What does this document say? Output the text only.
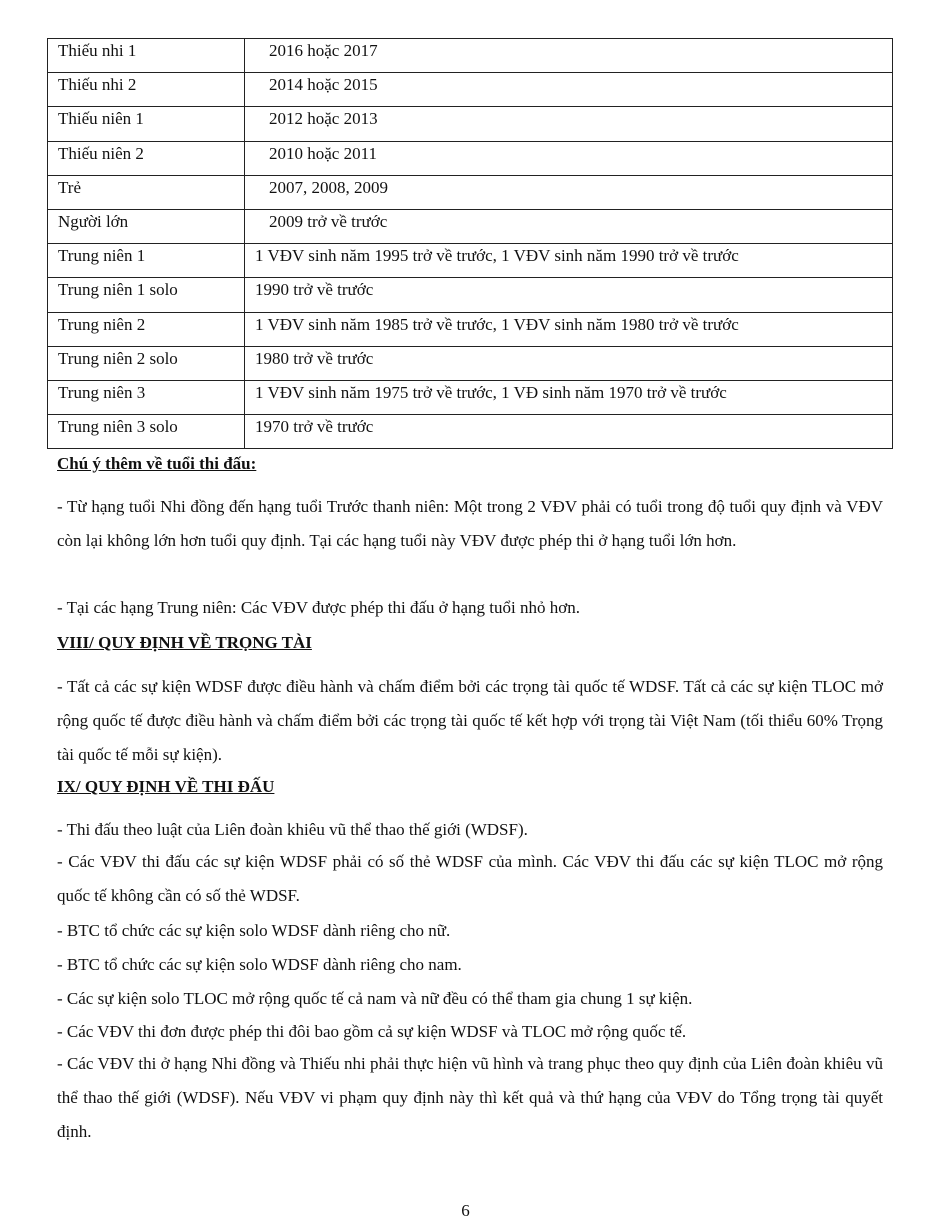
Thiếu nhi 1	2016 hoặc 2017
Thiếu nhi 2	2014 hoặc 2015
Thiếu niên 1	2012 hoặc 2013
Thiếu niên 2	2010 hoặc 2011
Trẻ	2007, 2008, 2009
Người lớn	2009 trở về trước
Trung niên 1	1 VĐV sinh năm 1995 trở về trước, 1 VĐV sinh năm 1990 trở về trước
Trung niên 1 solo	1990 trở về trước
Trung niên 2	1 VĐV sinh năm 1985 trở về trước, 1 VĐV sinh năm 1980 trở về trước
Trung niên 2 solo	1980 trở về trước
Trung niên 3	1 VĐV sinh năm 1975 trở về trước, 1 VĐ sinh năm 1970 trở về trước
Trung niên 3 solo	1970 trở về trước
Chú ý thêm về tuổi thi đấu:
- Từ hạng tuổi Nhi đồng đến hạng tuổi Trước thanh niên: Một trong 2 VĐV phải có tuổi trong độ tuổi quy định và VĐV còn lại không lớn hơn tuổi quy định. Tại các hạng tuổi này VĐV được phép thi ở hạng tuổi lớn hơn.
- Tại các hạng Trung niên: Các VĐV được phép thi đấu ở hạng tuổi nhỏ hơn.
VIII/ QUY ĐỊNH VỀ TRỌNG TÀI
- Tất cả các sự kiện WDSF được điều hành và chấm điểm bởi các trọng tài quốc tế WDSF. Tất cả các sự kiện TLOC mở rộng quốc tế được điều hành và chấm điểm bởi các trọng tài quốc tế kết hợp với trọng tài Việt Nam (tối thiểu 60% Trọng tài quốc tế mỗi sự kiện).
IX/ QUY ĐỊNH VỀ THI ĐẤU
- Thi đấu theo luật của Liên đoàn khiêu vũ thể thao thế giới (WDSF).
- Các VĐV thi đấu các sự kiện WDSF phải có số thẻ WDSF của mình. Các VĐV thi đấu các sự kiện TLOC mở rộng quốc tế không cần có số thẻ WDSF.
- BTC tổ chức các sự kiện solo WDSF dành riêng cho nữ.
- BTC tổ chức các sự kiện solo WDSF dành riêng cho nam.
- Các sự kiện solo TLOC mở rộng quốc tế cả nam và nữ đều có thể tham gia chung 1 sự kiện.
- Các VĐV thi đơn được phép thi đôi bao gồm cả sự kiện WDSF và TLOC mở rộng quốc tế.
- Các VĐV thi ở hạng Nhi đồng và Thiếu nhi phải thực hiện vũ hình và trang phục theo quy định của Liên đoàn khiêu vũ thể thao thế giới (WDSF). Nếu VĐV vi phạm quy định này thì kết quả và thứ hạng của VĐV do Tổng trọng tài quyết định.
6
